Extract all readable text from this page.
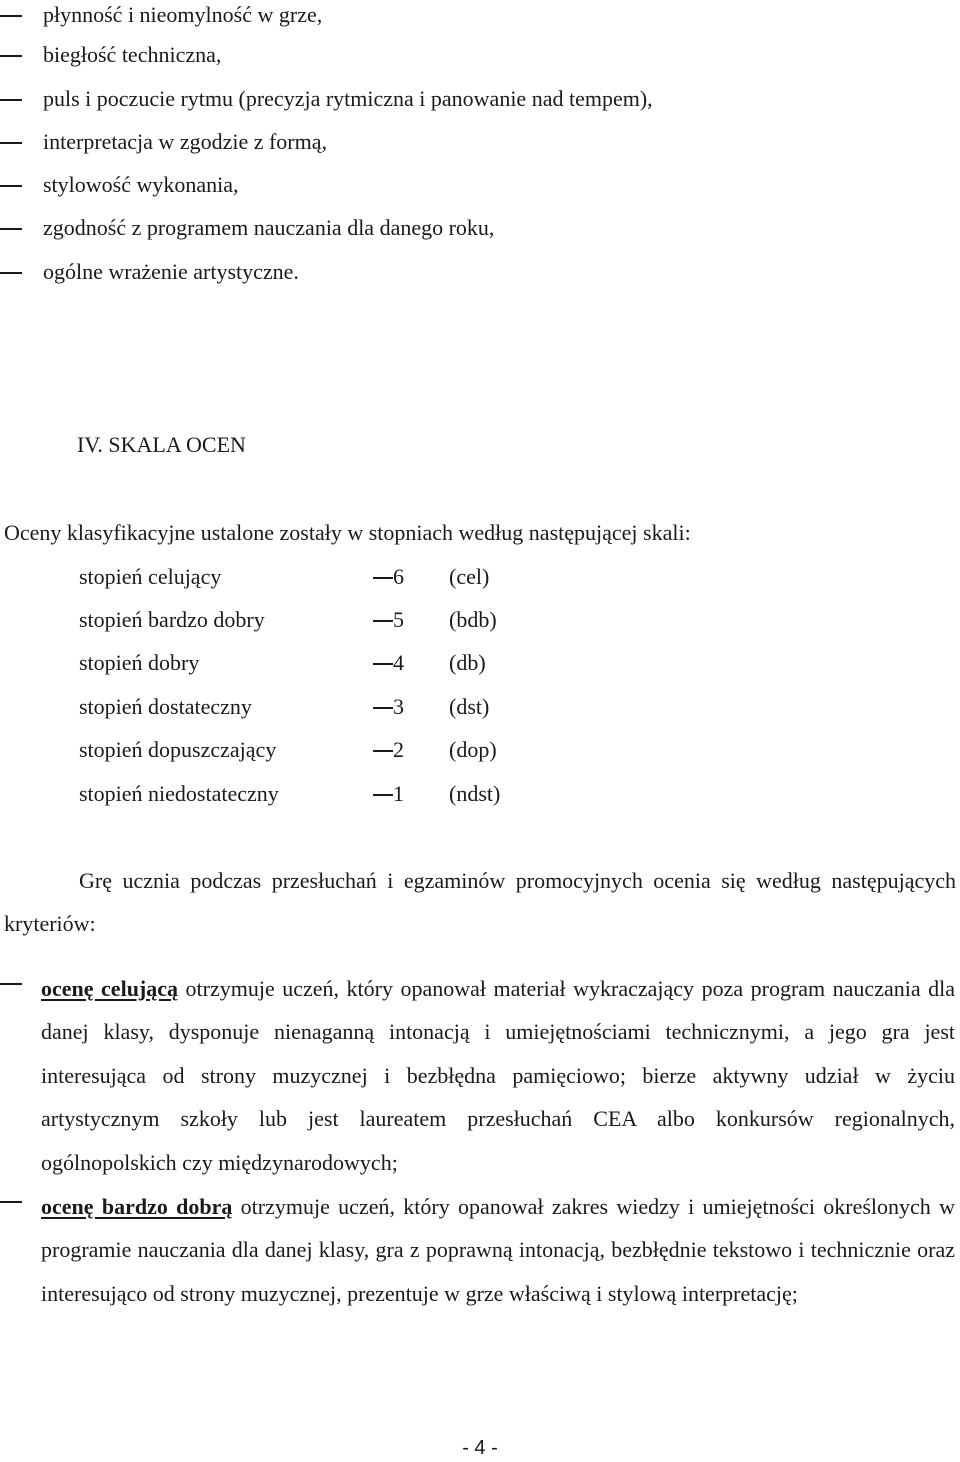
płynność i nieomylność w grze,
biegłość techniczna,
puls i poczucie rytmu (precyzja rytmiczna i panowanie nad tempem),
interpretacja w zgodzie z formą,
stylowość wykonania,
zgodność z programem nauczania dla danego roku,
ogólne wrażenie artystyczne.
IV. SKALA OCEN
Oceny klasyfikacyjne ustalone zostały w stopniach według następującej skali:
stopień celujący	6 (cel)
stopień bardzo dobry	5 (bdb)
stopień dobry	4 (db)
stopień dostateczny	3 (dst)
stopień dopuszczający	2 (dop)
stopień niedostateczny	1 (ndst)
Grę ucznia podczas przesłuchań i egzaminów promocyjnych ocenia się według następujących kryteriów:
ocenę celującą otrzymuje uczeń, który opanował materiał wykraczający poza program nauczania dla danej klasy, dysponuje nienaganną intonacją i umiejętnościami technicznymi, a jego gra jest interesująca od strony muzycznej i bezbłędna pamięciowo; bierze aktywny udział w życiu artystycznym szkoły lub jest laureatem przesłuchań CEA albo konkursów regionalnych, ogólnopolskich czy międzynarodowych;
ocenę bardzo dobrą otrzymuje uczeń, który opanował zakres wiedzy i umiejętności określonych w programie nauczania dla danej klasy, gra z poprawną intonacją, bezbłędnie tekstowo i technicznie oraz interesująco od strony muzycznej, prezentuje w grze właściwą i stylową interpretację;
- 4 -
